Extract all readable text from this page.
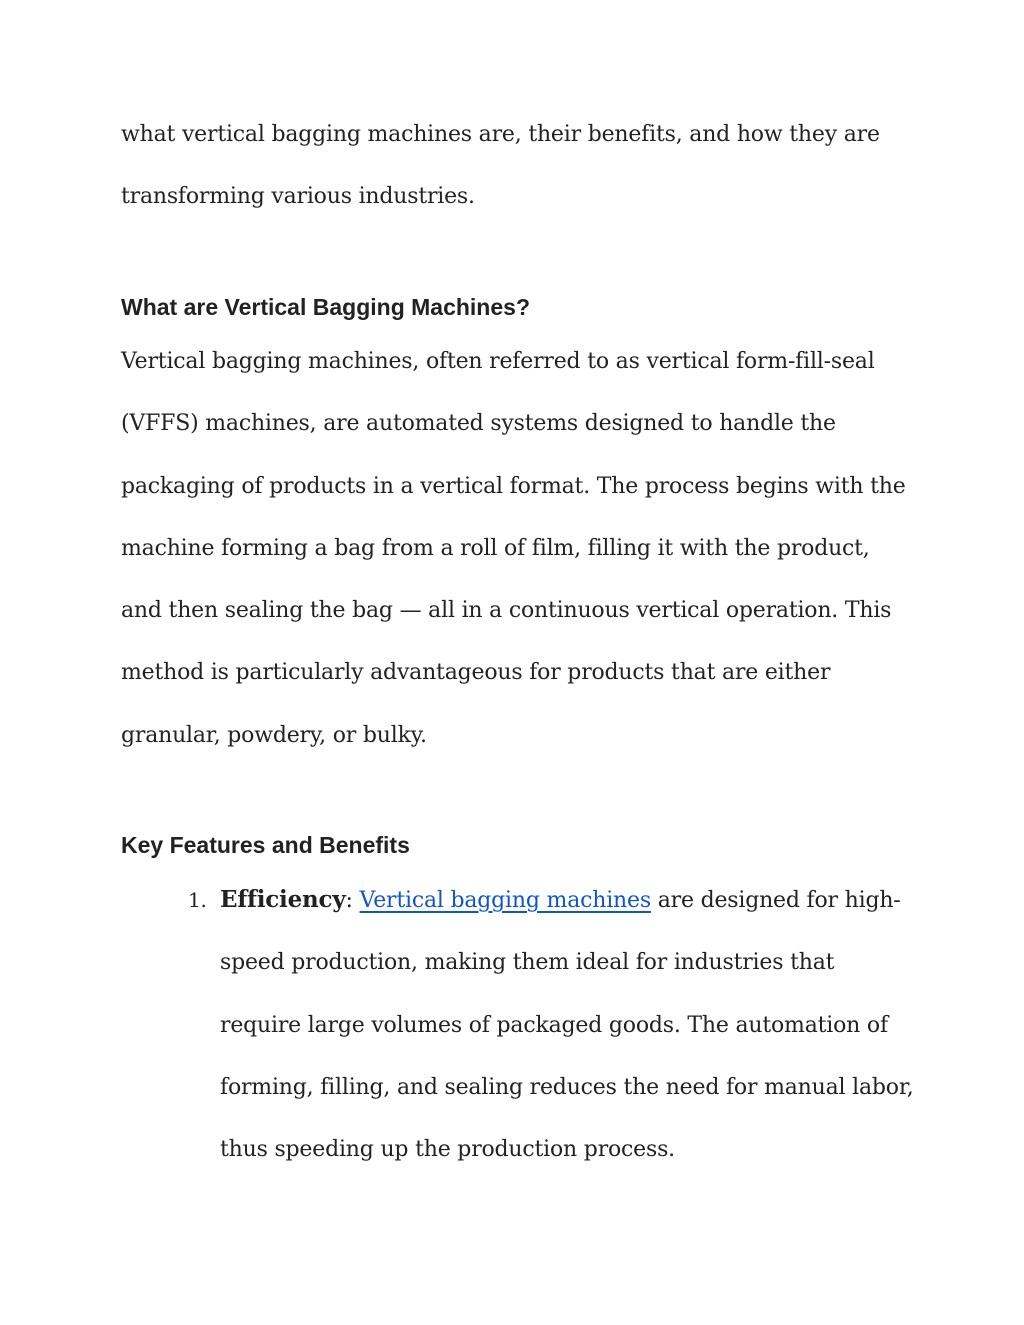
what vertical bagging machines are, their benefits, and how they are transforming various industries.

What are Vertical Bagging Machines?

Vertical bagging machines, often referred to as vertical form-fill-seal (VFFS) machines, are automated systems designed to handle the packaging of products in a vertical format. The process begins with the machine forming a bag from a roll of film, filling it with the product, and then sealing the bag — all in a continuous vertical operation. This method is particularly advantageous for products that are either granular, powdery, or bulky.

Key Features and Benefits
1. Efficiency: Vertical bagging machines are designed for high-speed production, making them ideal for industries that require large volumes of packaged goods. The automation of forming, filling, and sealing reduces the need for manual labor, thus speeding up the production process.
